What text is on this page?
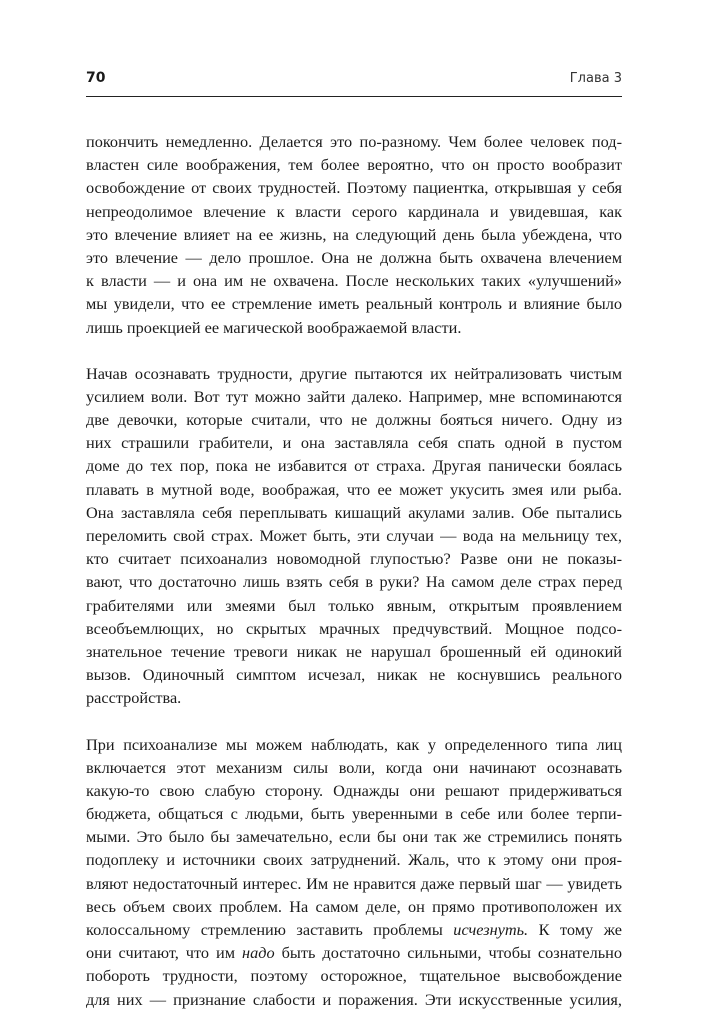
70	Глава 3

покончить немедленно. Делается это по-разному. Чем более человек под-
властен силе воображения, тем более вероятно, что он просто вообразит
освобождение от своих трудностей. Поэтому пациентка, открывшая у себя
непреодолимое влечение к власти серого кардинала и увидевшая, как
это влечение влияет на ее жизнь, на следующий день была убеждена, что
это влечение — дело прошлое. Она не должна быть охвачена влечением
к власти — и она им не охвачена. После нескольких таких «улучшений»
мы увидели, что ее стремление иметь реальный контроль и влияние было
лишь проекцией ее магической воображаемой власти.

Начав осознавать трудности, другие пытаются их нейтрализовать чистым
усилием воли. Вот тут можно зайти далеко. Например, мне вспоминаются
две девочки, которые считали, что не должны бояться ничего. Одну из
них страшили грабители, и она заставляла себя спать одной в пустом
доме до тех пор, пока не избавится от страха. Другая панически боялась
плавать в мутной воде, воображая, что ее может укусить змея или рыба.
Она заставляла себя переплывать кишащий акулами залив. Обе пытались
переломить свой страх. Может быть, эти случаи — вода на мельницу тех,
кто считает психоанализ новомодной глупостью? Разве они не показы-
вают, что достаточно лишь взять себя в руки? На самом деле страх перед
грабителями или змеями был только явным, открытым проявлением
всеобъемлющих, но скрытых мрачных предчувствий. Мощное подсо-
знательное течение тревоги никак не нарушал брошенный ей одинокий
вызов. Одиночный симптом исчезал, никак не коснувшись реального
расстройства.

При психоанализе мы можем наблюдать, как у определенного типа лиц
включается этот механизм силы воли, когда они начинают осознавать
какую-то свою слабую сторону. Однажды они решают придерживаться
бюджета, общаться с людьми, быть уверенными в себе или более терпи-
мыми. Это было бы замечательно, если бы они так же стремились понять
подоплеку и источники своих затруднений. Жаль, что к этому они проя-
вляют недостаточный интерес. Им не нравится даже первый шаг — увидеть
весь объем своих проблем. На самом деле, он прямо противоположен их
колоссальному стремлению заставить проблемы исчезнуть. К тому же
они считают, что им надо быть достаточно сильными, чтобы сознательно
побороть трудности, поэтому осторожное, тщательное высвобождение
для них — признание слабости и поражения. Эти искусственные усилия,
